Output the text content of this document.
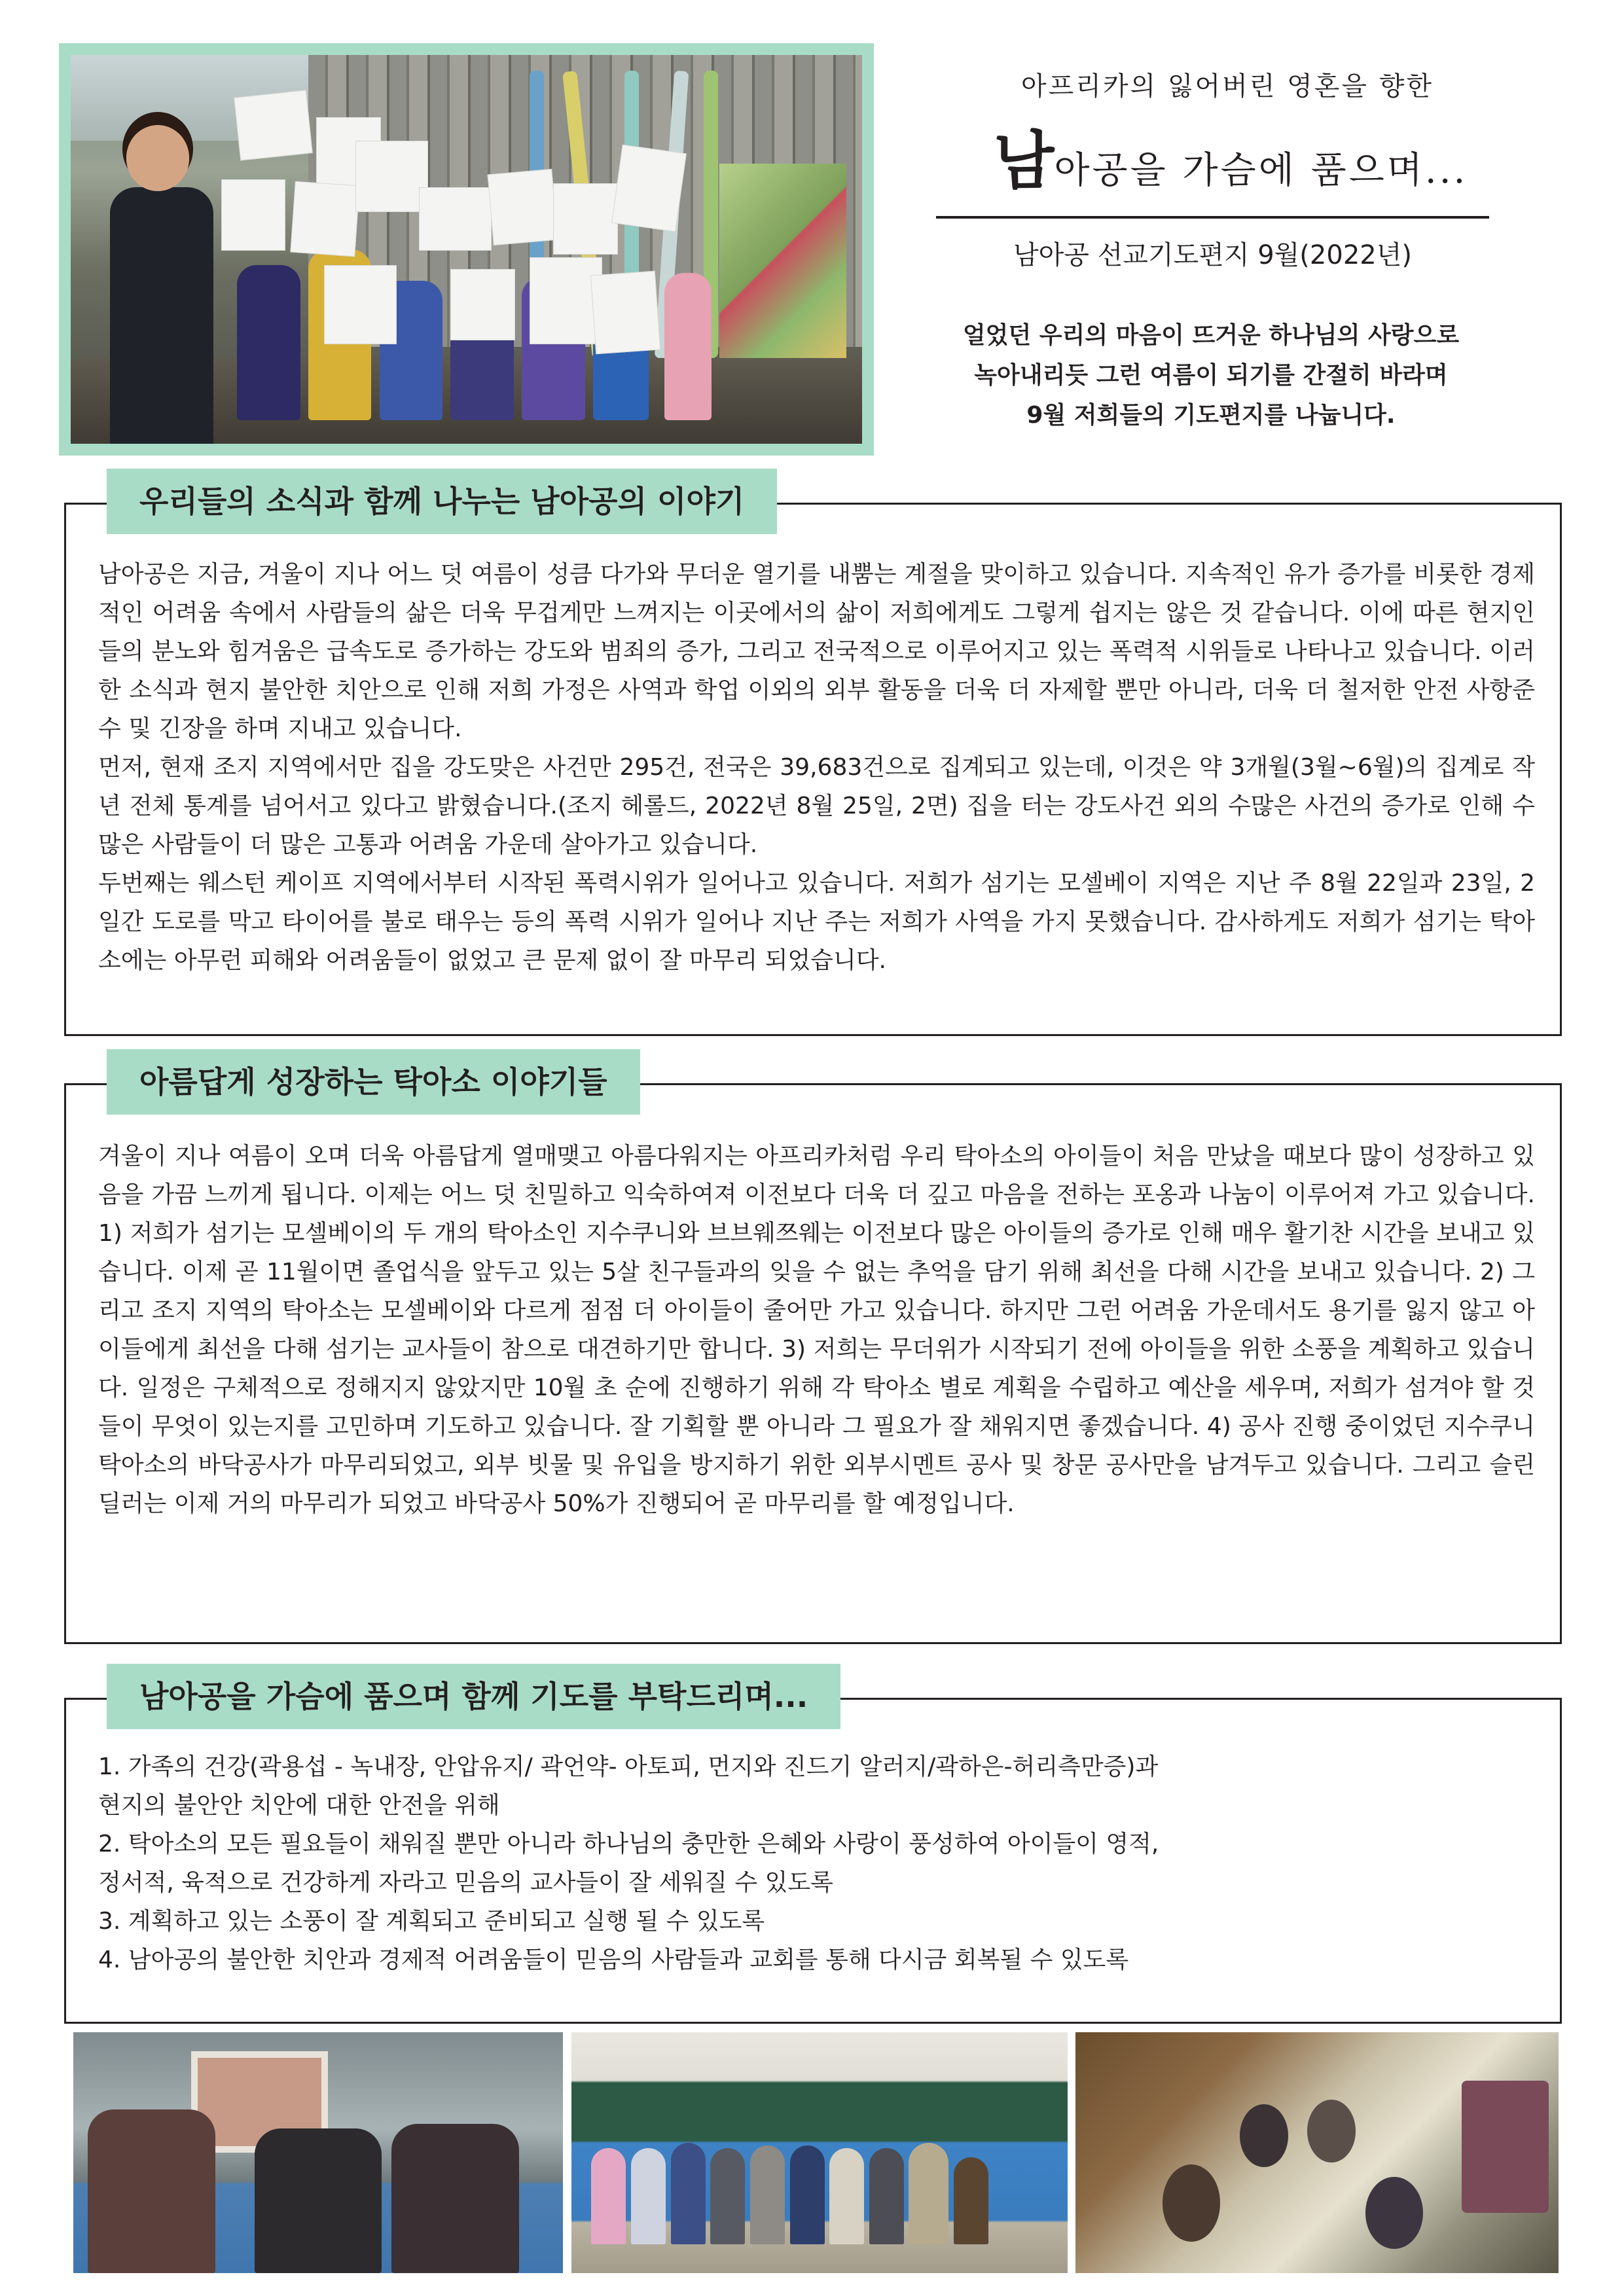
아프리카의 잃어버린 영혼을 향한
남아공을 가슴에 품으며...
남아공 선교기도편지 9월(2022년)
얼었던 우리의 마음이 뜨거운 하나님의 사랑으로
녹아내리듯 그런 여름이 되기를 간절히 바라며
9월 저희들의 기도편지를 나눕니다.
우리들의 소식과 함께 나누는 남아공의 이야기
남아공은 지금, 겨울이 지나 어느 덧 여름이 성큼 다가와 무더운 열기를 내뿜는 계절을 맞이하고 있습니다. 지속적인 유가 증가를 비롯한 경제적인 어려움 속에서 사람들의 삶은 더욱 무겁게만 느껴지는 이곳에서의 삶이 저희에게도 그렇게 쉽지는 않은 것 같습니다. 이에 따른 현지인들의 분노와 힘겨움은 급속도로 증가하는 강도와 범죄의 증가, 그리고 전국적으로 이루어지고 있는 폭력적 시위들로 나타나고 있습니다. 이러한 소식과 현지 불안한 치안으로 인해 저희 가정은 사역과 학업 이외의 외부 활동을 더욱 더 자제할 뿐만 아니라, 더욱 더 철저한 안전 사항준수 및 긴장을 하며 지내고 있습니다.
먼저, 현재 조지 지역에서만 집을 강도맞은 사건만 295건, 전국은 39,683건으로 집계되고 있는데, 이것은 약 3개월(3월~6월)의 집계로 작년 전체 통계를 넘어서고 있다고 밝혔습니다.(조지 헤롤드, 2022년 8월 25일, 2면) 집을 터는 강도사건 외의 수많은 사건의 증가로 인해 수많은 사람들이 더 많은 고통과 어려움 가운데 살아가고 있습니다.
두번째는 웨스턴 케이프 지역에서부터 시작된 폭력시위가 일어나고 있습니다. 저희가 섬기는 모셀베이 지역은 지난 주 8월 22일과 23일, 2일간 도로를 막고 타이어를 불로 태우는 등의 폭력 시위가 일어나 지난 주는 저희가 사역을 가지 못했습니다. 감사하게도 저희가 섬기는 탁아소에는 아무런 피해와 어려움들이 없었고 큰 문제 없이 잘 마무리 되었습니다.
아름답게 성장하는 탁아소 이야기들
겨울이 지나 여름이 오며 더욱 아름답게 열매맺고 아름다워지는 아프리카처럼 우리 탁아소의 아이들이 처음 만났을 때보다 많이 성장하고 있음을 가끔 느끼게 됩니다. 이제는 어느 덧 친밀하고 익숙하여져 이전보다 더욱 더 깊고 마음을 전하는 포옹과 나눔이 이루어져 가고 있습니다. 1) 저희가 섬기는 모셀베이의 두 개의 탁아소인 지수쿠니와 브브웨쯔웨는 이전보다 많은 아이들의 증가로 인해 매우 활기찬 시간을 보내고 있습니다. 이제 곧 11월이면 졸업식을 앞두고 있는 5살 친구들과의 잊을 수 없는 추억을 담기 위해 최선을 다해 시간을 보내고 있습니다. 2) 그리고 조지 지역의 탁아소는 모셀베이와 다르게 점점 더 아이들이 줄어만 가고 있습니다. 하지만 그런 어려움 가운데서도 용기를 잃지 않고 아이들에게 최선을 다해 섬기는 교사들이 참으로 대견하기만 합니다. 3) 저희는 무더위가 시작되기 전에 아이들을 위한 소풍을 계획하고 있습니다. 일정은 구체적으로 정해지지 않았지만 10월 초 순에 진행하기 위해 각 탁아소 별로 계획을 수립하고 예산을 세우며, 저희가 섬겨야 할 것들이 무엇이 있는지를 고민하며 기도하고 있습니다. 잘 기획할 뿐 아니라 그 필요가 잘 채워지면 좋겠습니다. 4) 공사 진행 중이었던 지수쿠니 탁아소의 바닥공사가 마무리되었고, 외부 빗물 및 유입을 방지하기 위한 외부시멘트 공사 및 창문 공사만을 남겨두고 있습니다. 그리고 슬린딜러는 이제 거의 마무리가 되었고 바닥공사 50%가 진행되어 곧 마무리를 할 예정입니다.
남아공을 가슴에 품으며 함께 기도를 부탁드리며...
1. 가족의 건강(곽용섭 - 녹내장, 안압유지/ 곽언약- 아토피, 먼지와 진드기 알러지/곽하은-허리측만증)과
현지의 불안안 치안에 대한 안전을 위해
2. 탁아소의 모든 필요들이 채워질 뿐만 아니라 하나님의 충만한 은혜와 사랑이 풍성하여 아이들이 영적,
정서적, 육적으로 건강하게 자라고 믿음의 교사들이 잘 세워질 수 있도록
3. 계획하고 있는 소풍이 잘 계획되고 준비되고 실행 될 수 있도록
4. 남아공의 불안한 치안과 경제적 어려움들이 믿음의 사람들과 교회를 통해 다시금 회복될 수 있도록
